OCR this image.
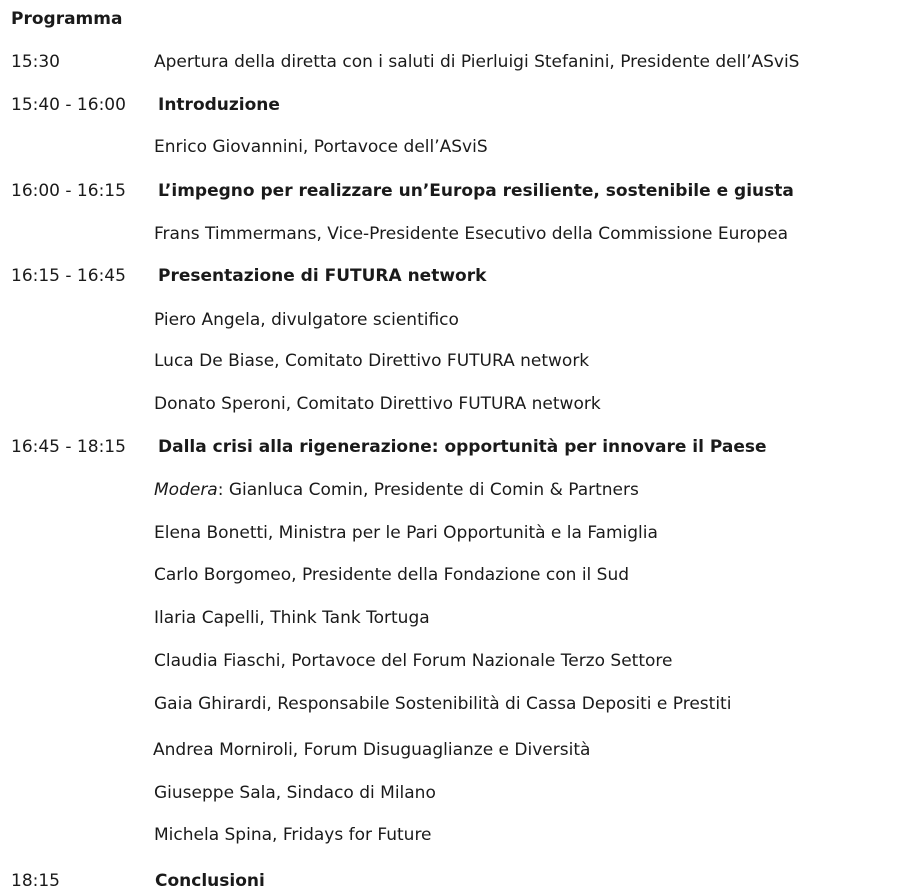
Programma
15:30	Apertura della diretta con i saluti di Pierluigi Stefanini, Presidente dell’ASviS
15:40 - 16:00 Introduzione
Enrico Giovannini, Portavoce dell’ASviS
16:00 - 16:15 L’impegno per realizzare un’Europa resiliente, sostenibile e giusta
Frans Timmermans, Vice-Presidente Esecutivo della Commissione Europea
16:15 - 16:45 Presentazione di FUTURA network
Piero Angela, divulgatore scientifico
Luca De Biase, Comitato Direttivo FUTURA network
Donato Speroni, Comitato Direttivo FUTURA network
16:45 - 18:15 Dalla crisi alla rigenerazione: opportunità per innovare il Paese
Modera: Gianluca Comin, Presidente di Comin & Partners
Elena Bonetti, Ministra per le Pari Opportunità e la Famiglia
Carlo Borgomeo, Presidente della Fondazione con il Sud
Ilaria Capelli, Think Tank Tortuga
Claudia Fiaschi, Portavoce del Forum Nazionale Terzo Settore
Gaia Ghirardi, Responsabile Sostenibilità di Cassa Depositi e Prestiti
Andrea Morniroli, Forum Disuguaglianze e Diversità
Giuseppe Sala, Sindaco di Milano
Michela Spina, Fridays for Future
18:15	Conclusioni
